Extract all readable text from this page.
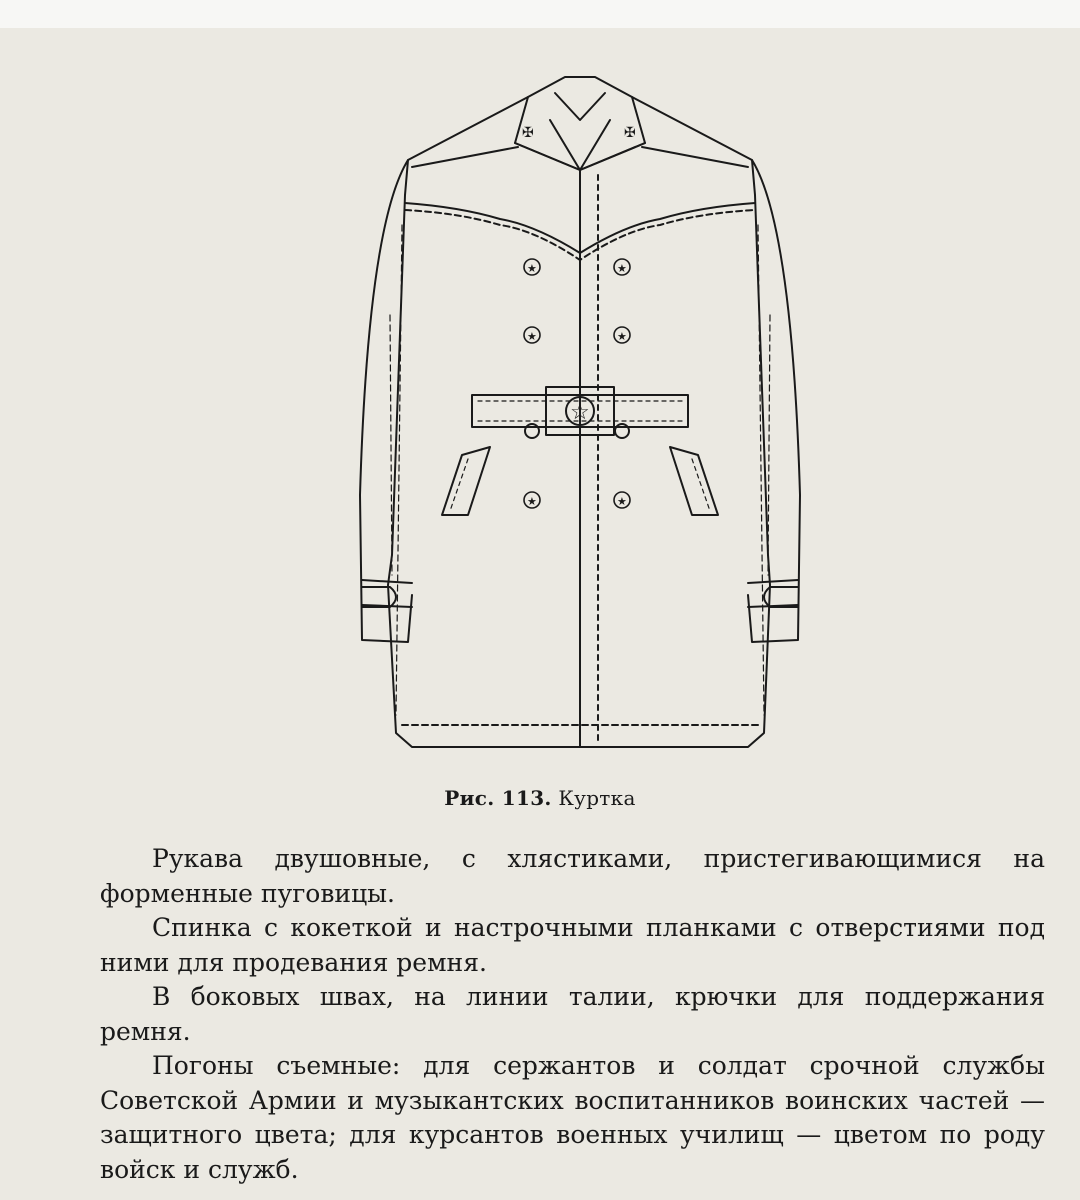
✠	✠
★	★
★	★
★	★
☆
Рис. 113. Куртка

Рукава двушовные, с хлястиками, пристегивающимися на форменные пуговицы.

Спинка с кокеткой и настрочными планками с отверстиями под ними для продевания ремня.

В боковых швах, на линии талии, крючки для поддержания ремня.

Погоны съемные: для сержантов и солдат срочной службы Советской Армии и музыкантских воспитанников воинских частей — защитного цвета; для курсантов военных училищ — цветом по роду войск и служб.
